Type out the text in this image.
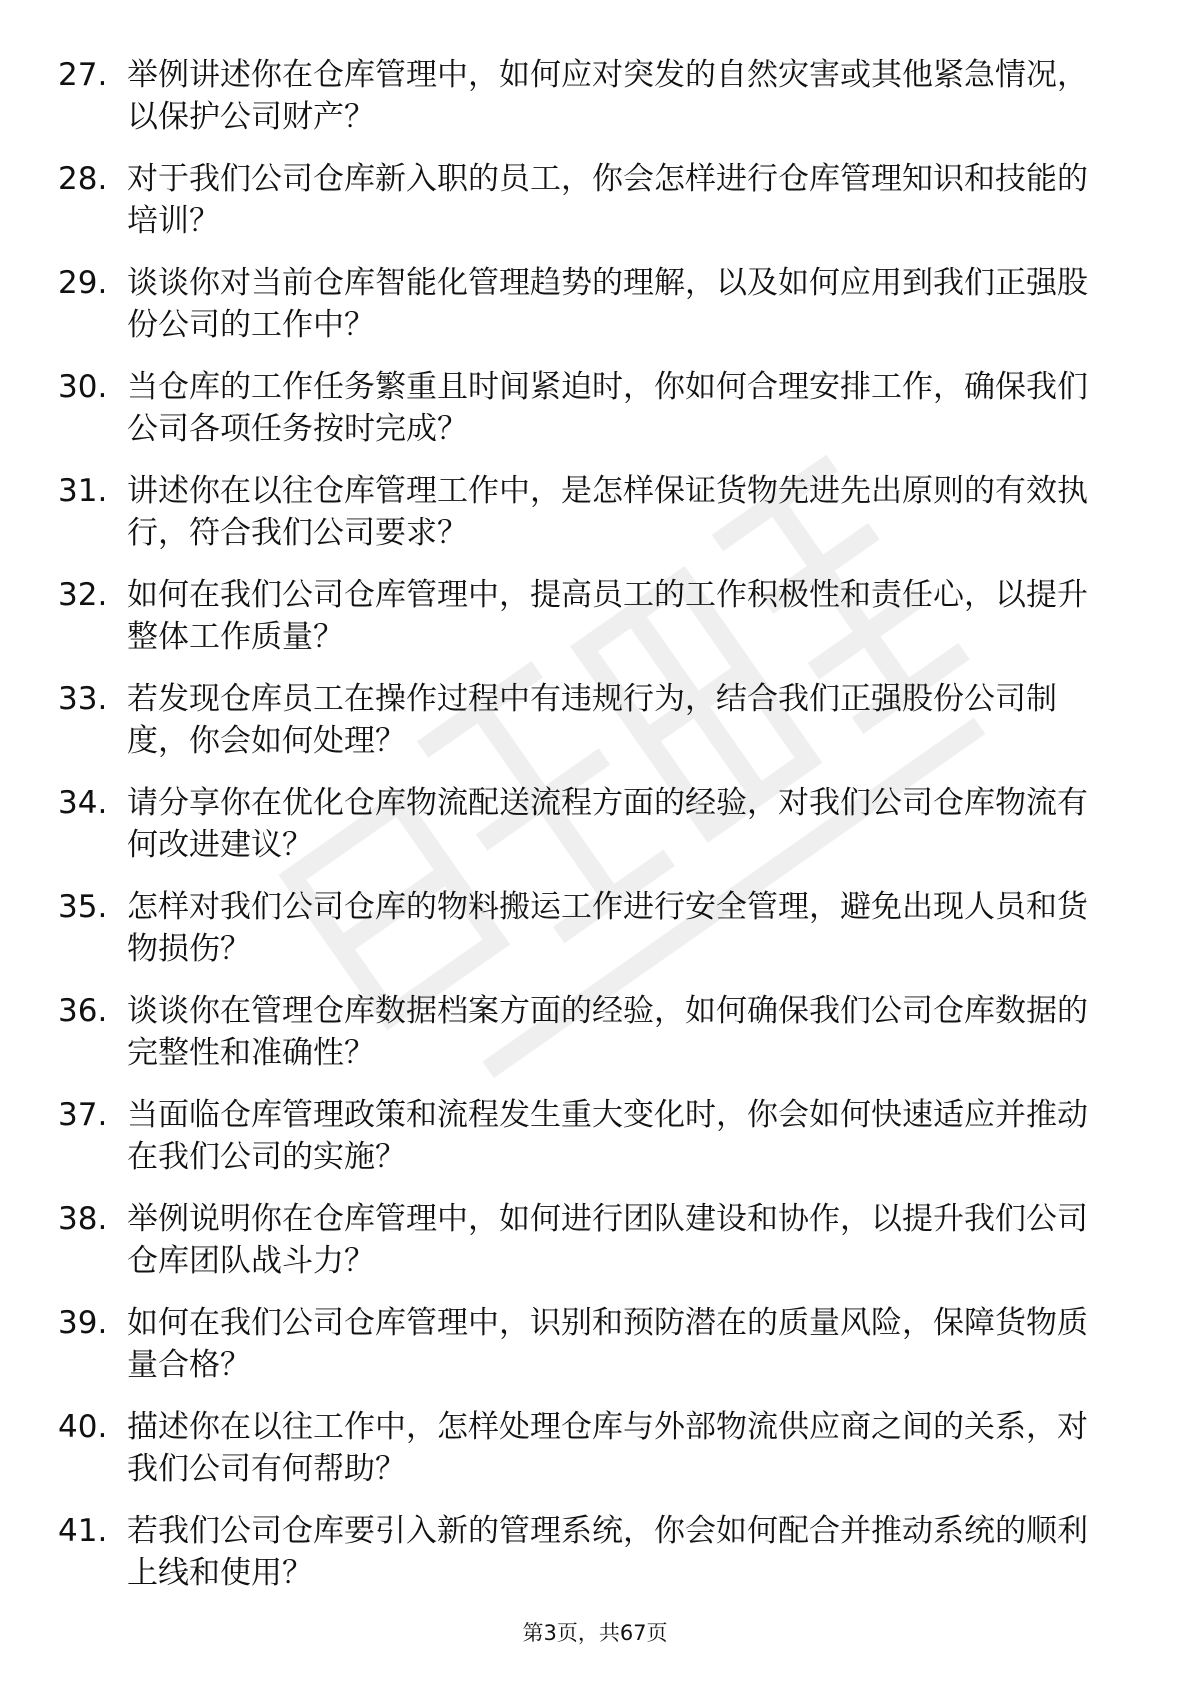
27. 举例讲述你在仓库管理中，如何应对突发的自然灾害或其他紧急情况，以保护公司财产？
28. 对于我们公司仓库新入职的员工，你会怎样进行仓库管理知识和技能的培训？
29. 谈谈你对当前仓库智能化管理趋势的理解，以及如何应用到我们正强股份公司的工作中？
30. 当仓库的工作任务繁重且时间紧迫时，你如何合理安排工作，确保我们公司各项任务按时完成？
31. 讲述你在以往仓库管理工作中，是怎样保证货物先进先出原则的有效执行，符合我们公司要求？
32. 如何在我们公司仓库管理中，提高员工的工作积极性和责任心，以提升整体工作质量？
33. 若发现仓库员工在操作过程中有违规行为，结合我们正强股份公司制度，你会如何处理？
34. 请分享你在优化仓库物流配送流程方面的经验，对我们公司仓库物流有何改进建议？
35. 怎样对我们公司仓库的物料搬运工作进行安全管理，避免出现人员和货物损伤？
36. 谈谈你在管理仓库数据档案方面的经验，如何确保我们公司仓库数据的完整性和准确性？
37. 当面临仓库管理政策和流程发生重大变化时，你会如何快速适应并推动在我们公司的实施？
38. 举例说明你在仓库管理中，如何进行团队建设和协作，以提升我们公司仓库团队战斗力？
39. 如何在我们公司仓库管理中，识别和预防潜在的质量风险，保障货物质量合格？
40. 描述你在以往工作中，怎样处理仓库与外部物流供应商之间的关系，对我们公司有何帮助？
41. 若我们公司仓库要引入新的管理系统，你会如何配合并推动系统的顺利上线和使用？
第3页，共67页
